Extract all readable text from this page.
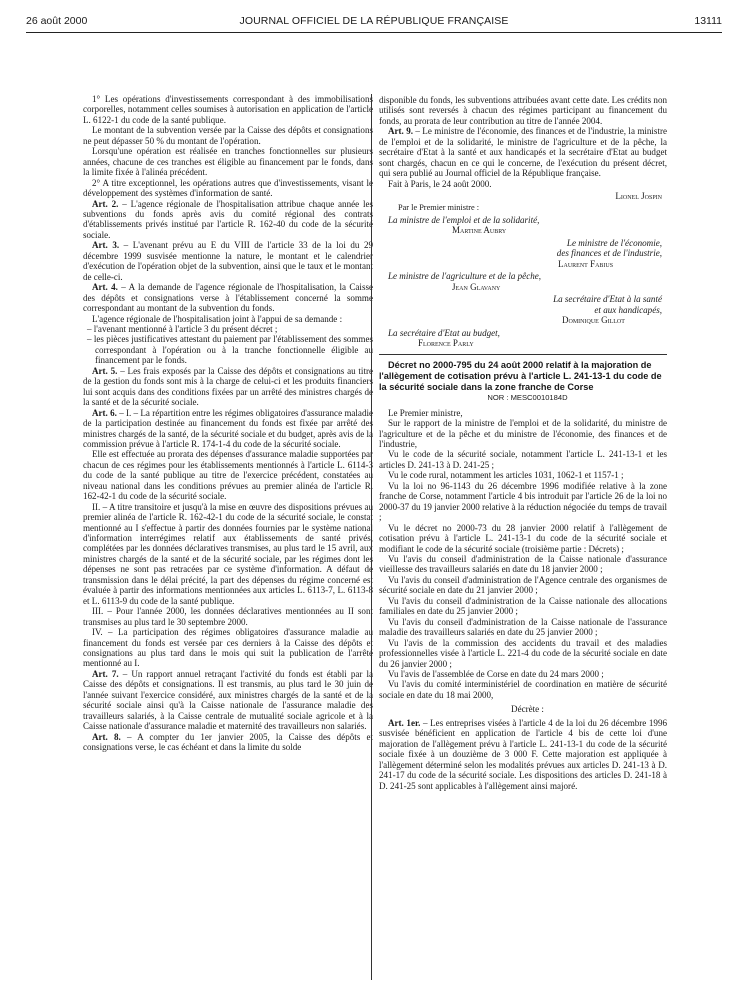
26 août 2000	JOURNAL OFFICIEL DE LA RÉPUBLIQUE FRANÇAISE	13111

1° Les opérations d'investissements correspondant à des immobilisations corporelles, notamment celles soumises à autorisation en application de l'article L. 6122-1 du code de la santé publique.

Le montant de la subvention versée par la Caisse des dépôts et consignations ne peut dépasser 50 % du montant de l'opération.

Lorsqu'une opération est réalisée en tranches fonctionnelles sur plusieurs années, chacune de ces tranches est éligible au financement par le fonds, dans la limite fixée à l'alinéa précédent.

2° A titre exceptionnel, les opérations autres que d'investissements, visant le développement des systèmes d'information de santé.

Art. 2. – L'agence régionale de l'hospitalisation attribue chaque année les subventions du fonds après avis du comité régional des contrats d'établissements privés institué par l'article R. 162-40 du code de la sécurité sociale.

Art. 3. – L'avenant prévu au E du VIII de l'article 33 de la loi du 29 décembre 1999 susvisée mentionne la nature, le montant et le calendrier d'exécution de l'opération objet de la subvention, ainsi que le taux et le montant de celle-ci.

Art. 4. – A la demande de l'agence régionale de l'hospitalisation, la Caisse des dépôts et consignations verse à l'établissement concerné la somme correspondant au montant de la subvention du fonds.

L'agence régionale de l'hospitalisation joint à l'appui de sa demande :

– l'avenant mentionné à l'article 3 du présent décret ;
– les pièces justificatives attestant du paiement par l'établissement des sommes correspondant à l'opération ou à la tranche fonctionnelle éligible au financement par le fonds.

Art. 5. – Les frais exposés par la Caisse des dépôts et consignations au titre de la gestion du fonds sont mis à la charge de celui-ci et les produits financiers lui sont acquis dans des conditions fixées par un arrêté des ministres chargés de la santé et de la sécurité sociale.

Art. 6. – I. – La répartition entre les régimes obligatoires d'assurance maladie de la participation destinée au financement du fonds est fixée par arrêté des ministres chargés de la santé, de la sécurité sociale et du budget, après avis de la commission prévue à l'article R. 174-1-4 du code de la sécurité sociale.

Elle est effectuée au prorata des dépenses d'assurance maladie supportées par chacun de ces régimes pour les établissements mentionnés à l'article L. 6114-3 du code de la santé publique au titre de l'exercice précédent, constatées au niveau national dans les conditions prévues au premier alinéa de l'article R. 162-42-1 du code de la sécurité sociale.

II. – A titre transitoire et jusqu'à la mise en œuvre des dispositions prévues au premier alinéa de l'article R. 162-42-1 du code de la sécurité sociale, le constat mentionné au I s'effectue à partir des données fournies par le système national d'information interrégimes relatif aux établissements de santé privés, complétées par les données déclaratives transmises, au plus tard le 15 avril, aux ministres chargés de la santé et de la sécurité sociale, par les régimes dont les dépenses ne sont pas retracées par ce système d'information. A défaut de transmission dans le délai précité, la part des dépenses du régime concerné est évaluée à partir des informations mentionnées aux articles L. 6113-7, L. 6113-8 et L. 6113-9 du code de la santé publique.

III. – Pour l'année 2000, les données déclaratives mentionnées au II sont transmises au plus tard le 30 septembre 2000.

IV. – La participation des régimes obligatoires d'assurance maladie au financement du fonds est versée par ces derniers à la Caisse des dépôts et consignations au plus tard dans le mois qui suit la publication de l'arrêté mentionné au I.

Art. 7. – Un rapport annuel retraçant l'activité du fonds est établi par la Caisse des dépôts et consignations. Il est transmis, au plus tard le 30 juin de l'année suivant l'exercice considéré, aux ministres chargés de la santé et de la sécurité sociale ainsi qu'à la Caisse nationale de l'assurance maladie des travailleurs salariés, à la Caisse centrale de mutualité sociale agricole et à la Caisse nationale d'assurance maladie et maternité des travailleurs non salariés.

Art. 8. – A compter du 1er janvier 2005, la Caisse des dépôts et consignations verse, le cas échéant et dans la limite du solde

disponible du fonds, les subventions attribuées avant cette date. Les crédits non utilisés sont reversés à chacun des régimes participant au financement du fonds, au prorata de leur contribution au titre de l'année 2004.

Art. 9. – Le ministre de l'économie, des finances et de l'industrie, la ministre de l'emploi et de la solidarité, le ministre de l'agriculture et de la pêche, la secrétaire d'Etat à la santé et aux handicapés et la secrétaire d'Etat au budget sont chargés, chacun en ce qui le concerne, de l'exécution du présent décret, qui sera publié au Journal officiel de la République française.

Fait à Paris, le 24 août 2000.

Lionel Jospin

Par le Premier ministre :

La ministre de l'emploi et de la solidarité,

Martine Aubry

Le ministre de l'économie,

des finances et de l'industrie,

Laurent Fabius

Le ministre de l'agriculture et de la pêche,

Jean Glavany

La secrétaire d'Etat à la santé

et aux handicapés,

Dominique Gillot

La secrétaire d'Etat au budget,

Florence Parly

Décret no 2000-795 du 24 août 2000 relatif à la majoration de l'allègement de cotisation prévu à l'article L. 241-13-1 du code de la sécurité sociale dans la zone franche de Corse

NOR : MESC0010184D

Le Premier ministre,

Sur le rapport de la ministre de l'emploi et de la solidarité, du ministre de l'agriculture et de la pêche et du ministre de l'économie, des finances et de l'industrie,

Vu le code de la sécurité sociale, notamment l'article L. 241-13-1 et les articles D. 241-13 à D. 241-25 ;

Vu le code rural, notamment les articles 1031, 1062-1 et 1157-1 ;

Vu la loi no 96-1143 du 26 décembre 1996 modifiée relative à la zone franche de Corse, notamment l'article 4 bis introduit par l'article 26 de la loi no 2000-37 du 19 janvier 2000 relative à la réduction négociée du temps de travail ;

Vu le décret no 2000-73 du 28 janvier 2000 relatif à l'allègement de cotisation prévu à l'article L. 241-13-1 du code de la sécurité sociale et modifiant le code de la sécurité sociale (troisième partie : Décrets) ;

Vu l'avis du conseil d'administration de la Caisse nationale d'assurance vieillesse des travailleurs salariés en date du 18 janvier 2000 ;

Vu l'avis du conseil d'administration de l'Agence centrale des organismes de sécurité sociale en date du 21 janvier 2000 ;

Vu l'avis du conseil d'administration de la Caisse nationale des allocations familiales en date du 25 janvier 2000 ;

Vu l'avis du conseil d'administration de la Caisse nationale de l'assurance maladie des travailleurs salariés en date du 25 janvier 2000 ;

Vu l'avis de la commission des accidents du travail et des maladies professionnelles visée à l'article L. 221-4 du code de la sécurité sociale en date du 26 janvier 2000 ;

Vu l'avis de l'assemblée de Corse en date du 24 mars 2000 ;

Vu l'avis du comité interministériel de coordination en matière de sécurité sociale en date du 18 mai 2000,

Décrète :

Art. 1er. – Les entreprises visées à l'article 4 de la loi du 26 décembre 1996 susvisée bénéficient en application de l'article 4 bis de cette loi d'une majoration de l'allègement prévu à l'article L. 241-13-1 du code de la sécurité sociale fixée à un douzième de 3 000 F. Cette majoration est appliquée à l'allègement déterminé selon les modalités prévues aux articles D. 241-13 à D. 241-17 du code de la sécurité sociale. Les dispositions des articles D. 241-18 à D. 241-25 sont applicables à l'allègement ainsi majoré.
